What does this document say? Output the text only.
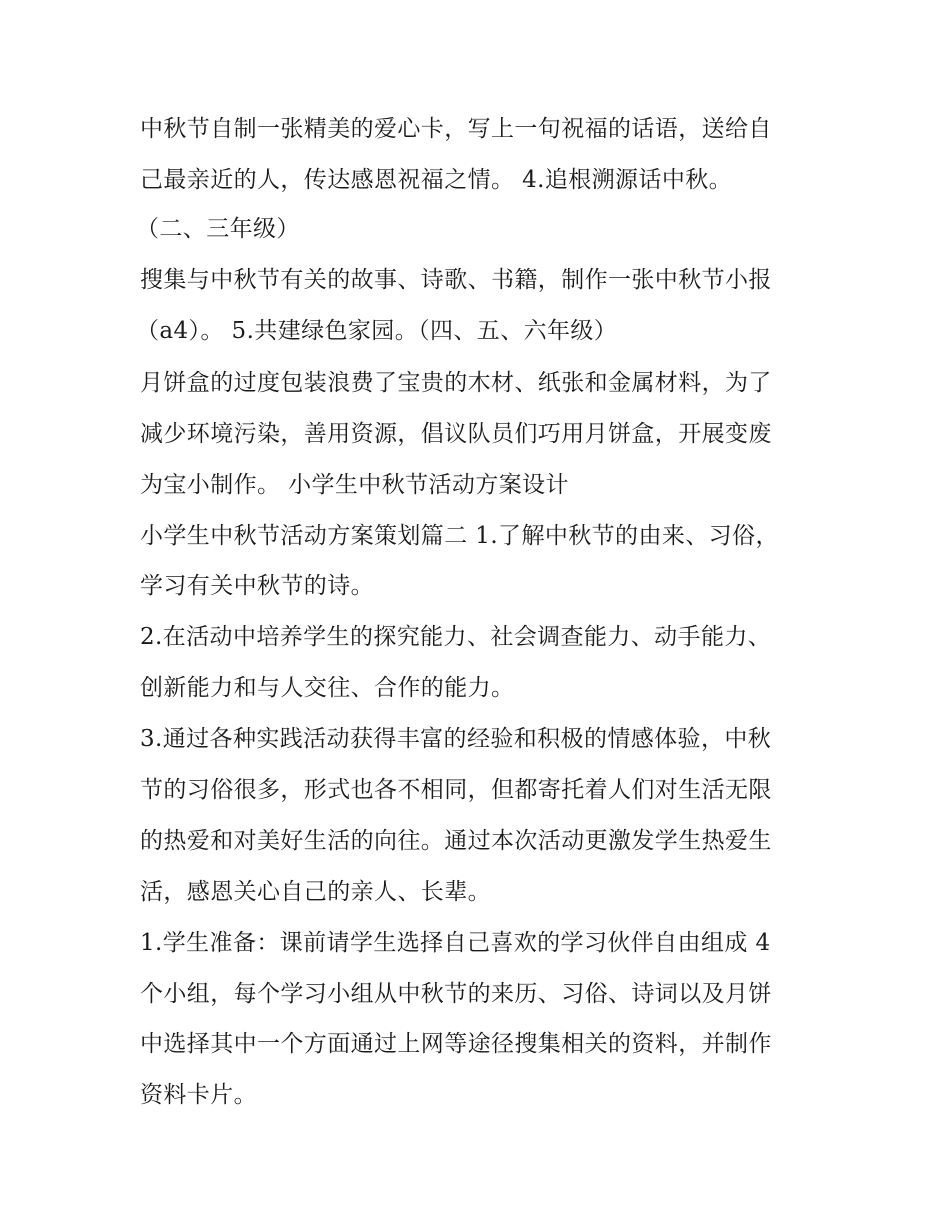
中秋节自制一张精美的爱心卡，写上一句祝福的话语，送给自
己最亲近的人，传达感恩祝福之情。 4.追根溯源话中秋。
（二、三年级）
搜集与中秋节有关的故事、诗歌、书籍，制作一张中秋节小报
（a4）。 5.共建绿色家园。（四、五、六年级）
月饼盒的过度包装浪费了宝贵的木材、纸张和金属材料，为了
减少环境污染，善用资源，倡议队员们巧用月饼盒，开展变废
为宝小制作。 小学生中秋节活动方案设计
小学生中秋节活动方案策划篇二 1.了解中秋节的由来、习俗，
学习有关中秋节的诗。
2.在活动中培养学生的探究能力、社会调查能力、动手能力、
创新能力和与人交往、合作的能力。
3.通过各种实践活动获得丰富的经验和积极的情感体验，中秋
节的习俗很多，形式也各不相同，但都寄托着人们对生活无限
的热爱和对美好生活的向往。通过本次活动更激发学生热爱生
活，感恩关心自己的亲人、长辈。
1.学生准备：课前请学生选择自己喜欢的学习伙伴自由组成 4
个小组，每个学习小组从中秋节的来历、习俗、诗词以及月饼
中选择其中一个方面通过上网等途径搜集相关的资料，并制作
资料卡片。
